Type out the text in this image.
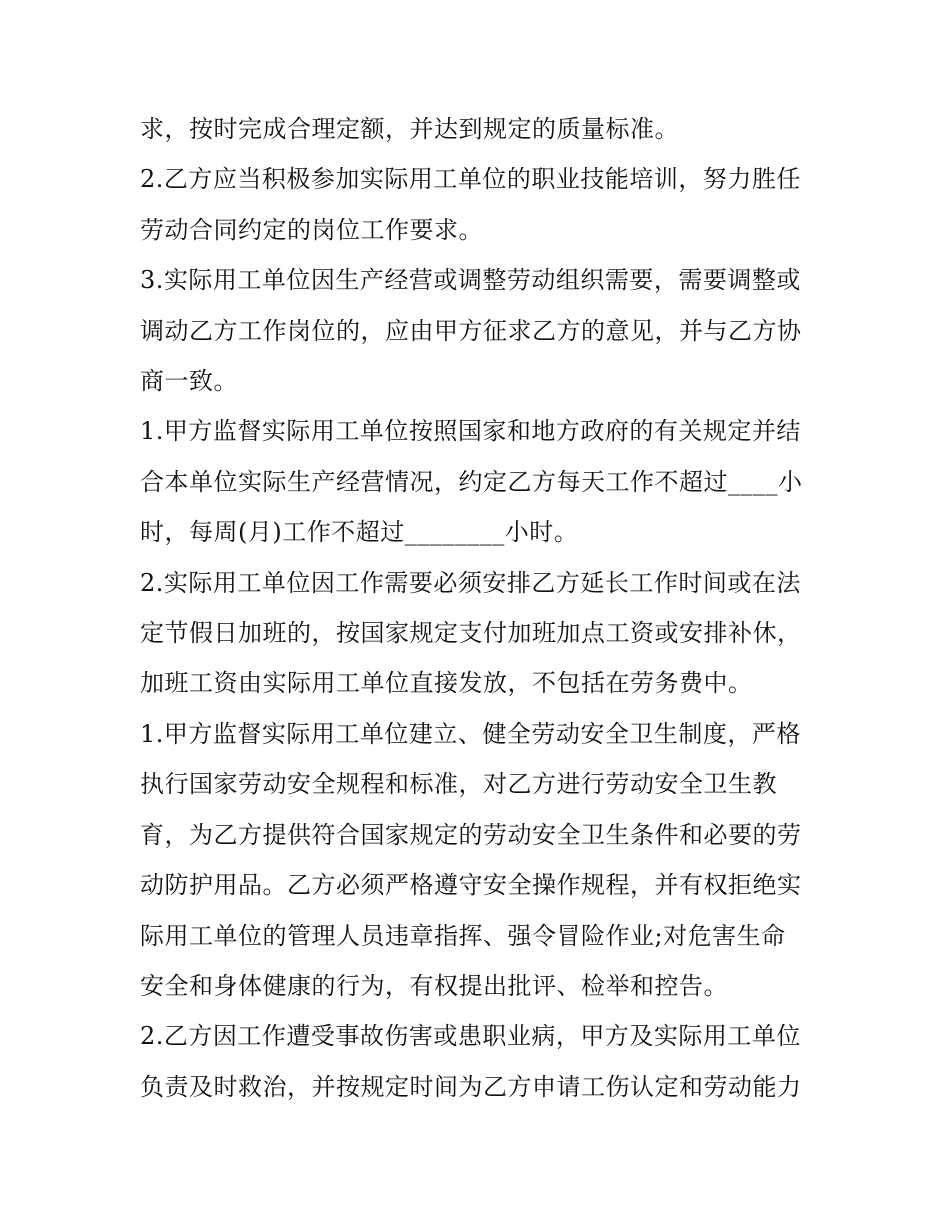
求，按时完成合理定额，并达到规定的质量标准。

2.乙方应当积极参加实际用工单位的职业技能培训，努力胜任
劳动合同约定的岗位工作要求。

3.实际用工单位因生产经营或调整劳动组织需要，需要调整或
调动乙方工作岗位的，应由甲方征求乙方的意见，并与乙方协
商一致。

1.甲方监督实际用工单位按照国家和地方政府的有关规定并结
合本单位实际生产经营情况，约定乙方每天工作不超过____小
时，每周(月)工作不超过________小时。

2.实际用工单位因工作需要必须安排乙方延长工作时间或在法
定节假日加班的，按国家规定支付加班加点工资或安排补休，
加班工资由实际用工单位直接发放，不包括在劳务费中。

1.甲方监督实际用工单位建立、健全劳动安全卫生制度，严格
执行国家劳动安全规程和标准，对乙方进行劳动安全卫生教
育，为乙方提供符合国家规定的劳动安全卫生条件和必要的劳
动防护用品。乙方必须严格遵守安全操作规程，并有权拒绝实
际用工单位的管理人员违章指挥、强令冒险作业;对危害生命
安全和身体健康的行为，有权提出批评、检举和控告。

2.乙方因工作遭受事故伤害或患职业病，甲方及实际用工单位
负责及时救治，并按规定时间为乙方申请工伤认定和劳动能力
